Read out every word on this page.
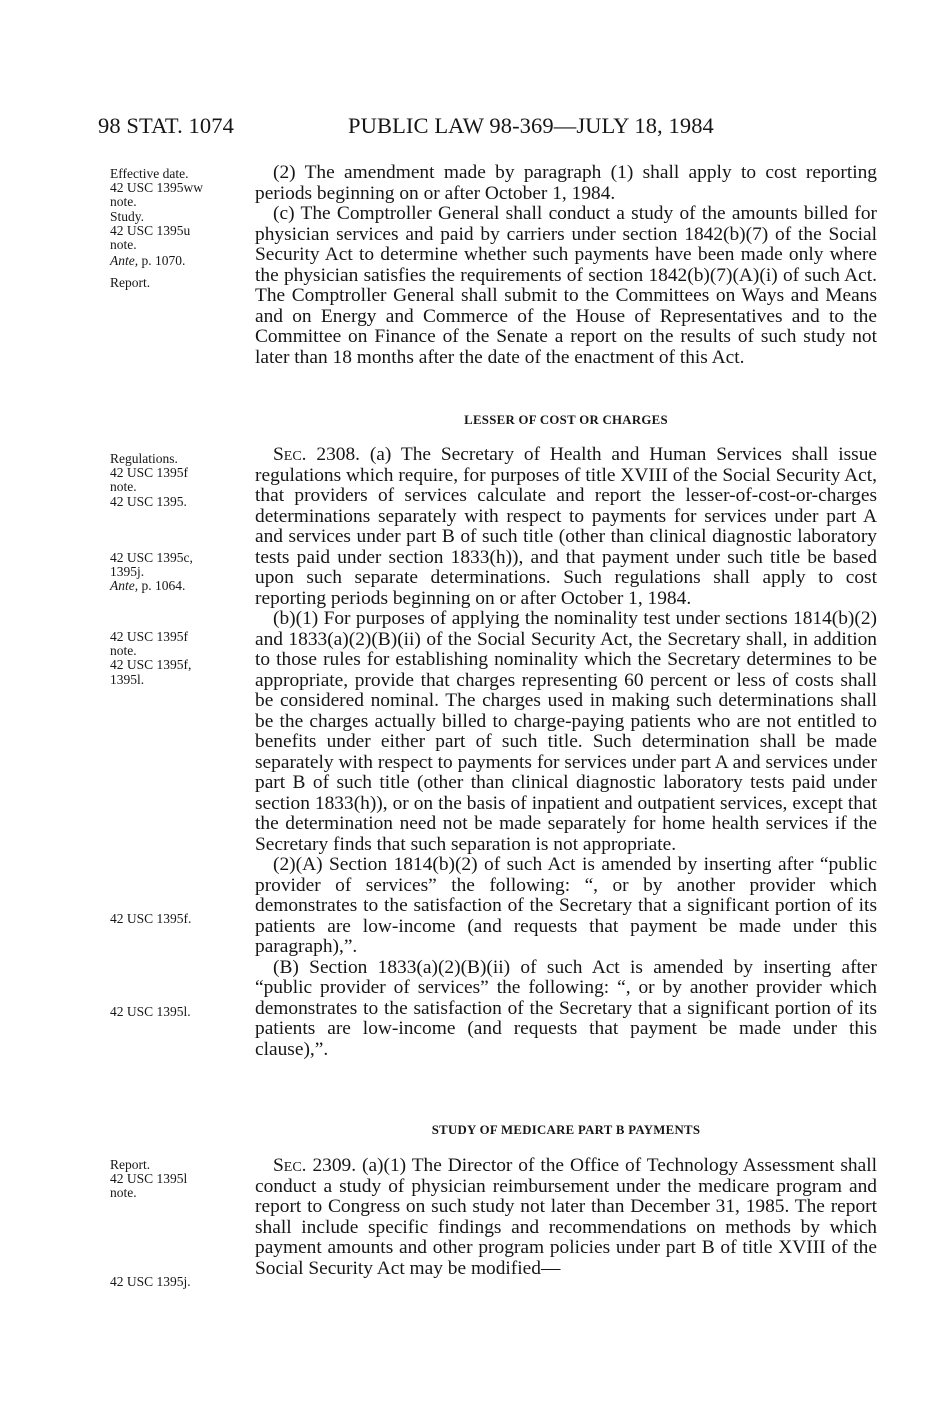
98 STAT. 1074	PUBLIC LAW 98-369—JULY 18, 1984
Effective date.
42 USC 1395ww
note.
Study.
42 USC 1395u
note.
Ante, p. 1070.
Report.
Regulations.
42 USC 1395f
note.
42 USC 1395.
42 USC 1395c,
1395j.
Ante, p. 1064.
42 USC 1395f
note.
42 USC 1395f,
1395l.
42 USC 1395f.
42 USC 1395l.
Report.
42 USC 1395l
note.
42 USC 1395j.

(2) The amendment made by paragraph (1) shall apply to cost reporting periods beginning on or after October 1, 1984.

(c) The Comptroller General shall conduct a study of the amounts billed for physician services and paid by carriers under section 1842(b)(7) of the Social Security Act to determine whether such payments have been made only where the physician satisfies the requirements of section 1842(b)(7)(A)(i) of such Act. The Comptroller General shall submit to the Committees on Ways and Means and on Energy and Commerce of the House of Representatives and to the Committee on Finance of the Senate a report on the results of such study not later than 18 months after the date of the enactment of this Act.

LESSER OF COST OR CHARGES

Sec. 2308. (a) The Secretary of Health and Human Services shall issue regulations which require, for purposes of title XVIII of the Social Security Act, that providers of services calculate and report the lesser-of-cost-or-charges determinations separately with respect to payments for services under part A and services under part B of such title (other than clinical diagnostic laboratory tests paid under section 1833(h)), and that payment under such title be based upon such separate determinations. Such regulations shall apply to cost reporting periods beginning on or after October 1, 1984.

(b)(1) For purposes of applying the nominality test under sections 1814(b)(2) and 1833(a)(2)(B)(ii) of the Social Security Act, the Secretary shall, in addition to those rules for establishing nominality which the Secretary determines to be appropriate, provide that charges representing 60 percent or less of costs shall be considered nominal. The charges used in making such determinations shall be the charges actually billed to charge-paying patients who are not entitled to benefits under either part of such title. Such determination shall be made separately with respect to payments for services under part A and services under part B of such title (other than clinical diagnostic laboratory tests paid under section 1833(h)), or on the basis of inpatient and outpatient services, except that the determination need not be made separately for home health services if the Secretary finds that such separation is not appropriate.

(2)(A) Section 1814(b)(2) of such Act is amended by inserting after “public provider of services” the following: “, or by another provider which demonstrates to the satisfaction of the Secretary that a significant portion of its patients are low-income (and requests that payment be made under this paragraph),”.

(B) Section 1833(a)(2)(B)(ii) of such Act is amended by inserting after “public provider of services” the following: “, or by another provider which demonstrates to the satisfaction of the Secretary that a significant portion of its patients are low-income (and requests that payment be made under this clause),”.

STUDY OF MEDICARE PART B PAYMENTS

Sec. 2309. (a)(1) The Director of the Office of Technology Assessment shall conduct a study of physician reimbursement under the medicare program and report to Congress on such study not later than December 31, 1985. The report shall include specific findings and recommendations on methods by which payment amounts and other program policies under part B of title XVIII of the Social Security Act may be modified—
